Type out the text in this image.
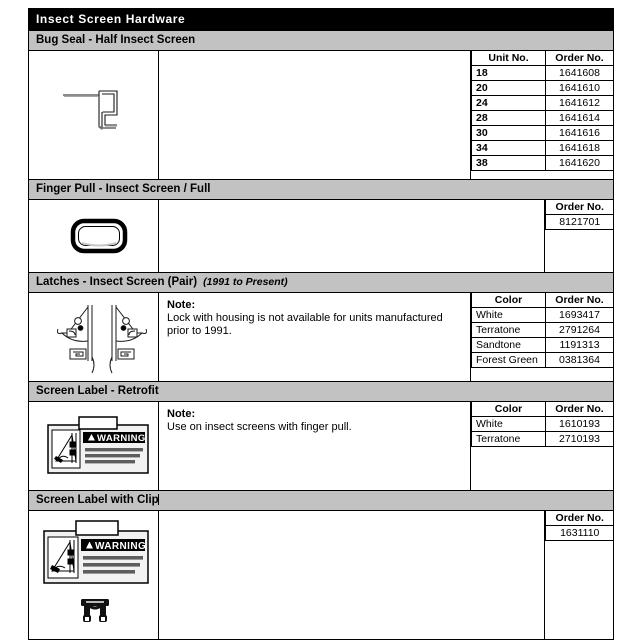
Insect Screen Hardware
Bug Seal - Half Insect Screen
Unit No.	Order No.
18	1641608
20	1641610
24	1641612
28	1641614
30	1641616
34	1641618
38	1641620
Finger Pull - Insect Screen / Full
Order No.
8121701
Latches - Insect Screen (Pair) (1991 to Present)
Note:
Lock with housing is not available for units manufactured prior to 1991.
Color	Order No.
White	1693417
Terratone	2791264
Sandtone	1191313
Forest Green	0381364
Screen Label - Retrofit
WARNING
Note:
Use on insect screens with finger pull.
Color	Order No.
White	1610193
Terratone	2710193
Screen Label with Clip
WARNING
Order No.
1631110
